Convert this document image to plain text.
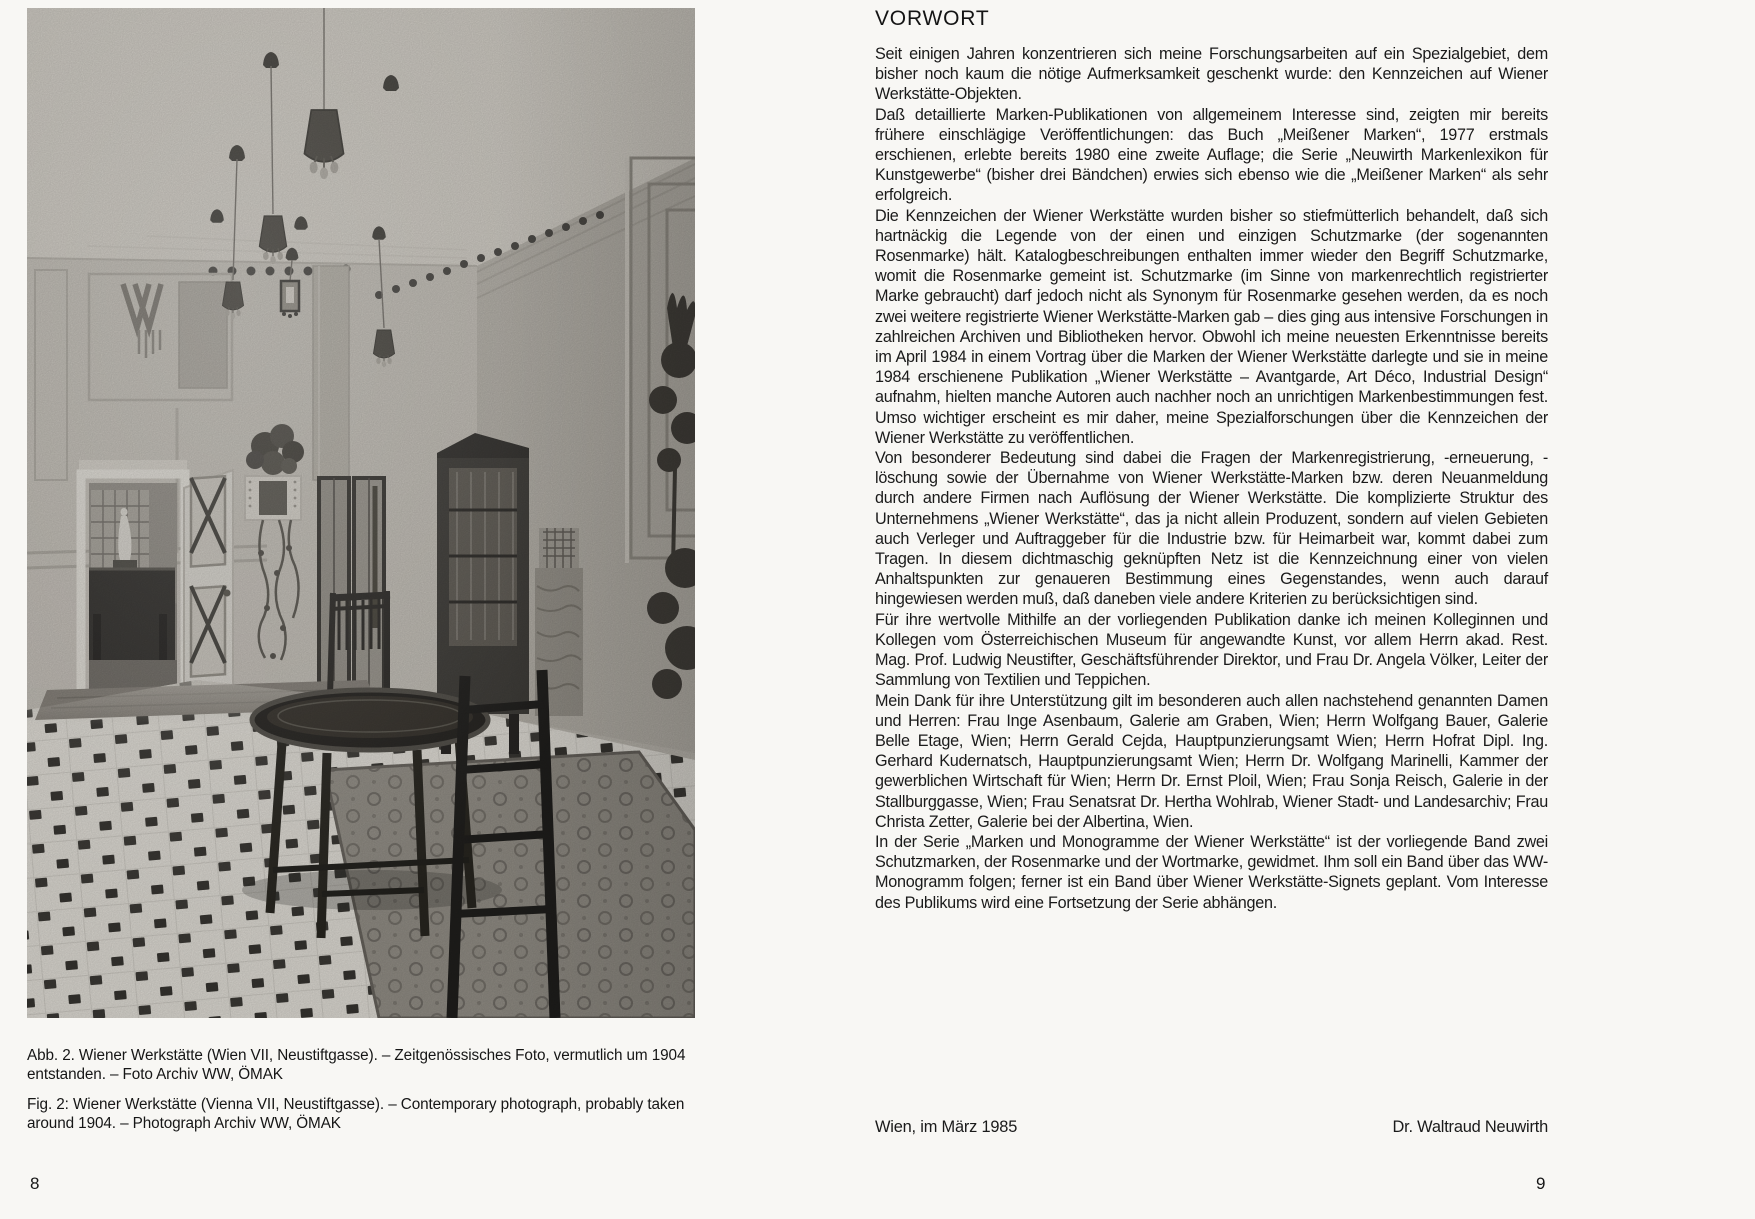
Abb. 2. Wiener Werkstätte (Wien VII, Neustiftgasse). – Zeitgenössisches Foto, vermutlich um 1904 entstanden. – Foto Archiv WW, ÖMAK

Fig. 2: Wiener Werkstätte (Vienna VII, Neustiftgasse). – Contemporary photograph, probably taken around 1904. – Photograph Archiv WW, ÖMAK

VORWORT

Seit einigen Jahren konzentrieren sich meine Forschungsarbeiten auf ein Spezialgebiet, dem bisher noch kaum die nötige Aufmerksamkeit geschenkt wurde: den Kennzeichen auf Wiener Werkstätte-Objekten.

Daß detaillierte Marken-Publikationen von allgemeinem Interesse sind, zeigten mir bereits frühere einschlägige Veröffentlichungen: das Buch „Meißener Marken“, 1977 erstmals erschienen, erlebte bereits 1980 eine zweite Auflage; die Serie „Neuwirth Markenlexikon für Kunstgewerbe“ (bisher drei Bändchen) erwies sich ebenso wie die „Meißener Marken“ als sehr erfolgreich.

Die Kennzeichen der Wiener Werkstätte wurden bisher so stiefmütterlich behandelt, daß sich hartnäckig die Legende von der einen und einzigen Schutzmarke (der sogenannten Rosenmarke) hält. Katalogbeschreibungen enthalten immer wieder den Begriff Schutzmarke, womit die Rosenmarke gemeint ist. Schutzmarke (im Sinne von markenrechtlich registrierter Marke gebraucht) darf jedoch nicht als Synonym für Rosenmarke gesehen werden, da es noch zwei weitere registrierte Wiener Werkstätte-Marken gab – dies ging aus intensive Forschungen in zahlreichen Archiven und Bibliotheken hervor. Obwohl ich meine neuesten Erkenntnisse bereits im April 1984 in einem Vortrag über die Marken der Wiener Werkstätte darlegte und sie in meine 1984 erschienene Publikation „Wiener Werkstätte – Avantgarde, Art Déco, Industrial Design“ aufnahm, hielten manche Autoren auch nachher noch an unrichtigen Markenbestimmungen fest. Umso wichtiger erscheint es mir daher, meine Spezialforschungen über die Kennzeichen der Wiener Werkstätte zu veröffentlichen.

Von besonderer Bedeutung sind dabei die Fragen der Markenregistrierung, -erneuerung, -löschung sowie der Übernahme von Wiener Werkstätte-Marken bzw. deren Neuanmeldung durch andere Firmen nach Auflösung der Wiener Werkstätte. Die komplizierte Struktur des Unternehmens „Wiener Werkstätte“, das ja nicht allein Produzent, sondern auf vielen Gebieten auch Verleger und Auftraggeber für die Industrie bzw. für Heimarbeit war, kommt dabei zum Tragen. In diesem dichtmaschig geknüpften Netz ist die Kennzeichnung einer von vielen Anhaltspunkten zur genaueren Bestimmung eines Gegenstandes, wenn auch darauf hingewiesen werden muß, daß daneben viele andere Kriterien zu berücksichtigen sind.

Für ihre wertvolle Mithilfe an der vorliegenden Publikation danke ich meinen Kolleginnen und Kollegen vom Österreichischen Museum für angewandte Kunst, vor allem Herrn akad. Rest. Mag. Prof. Ludwig Neustifter, Geschäftsführender Direktor, und Frau Dr. Angela Völker, Leiter der Sammlung von Textilien und Teppichen.

Mein Dank für ihre Unterstützung gilt im besonderen auch allen nachstehend genannten Damen und Herren: Frau Inge Asenbaum, Galerie am Graben, Wien; Herrn Wolfgang Bauer, Galerie Belle Etage, Wien; Herrn Gerald Cejda, Hauptpunzierungsamt Wien; Herrn Hofrat Dipl. Ing. Gerhard Kudernatsch, Hauptpunzierungsamt Wien; Herrn Dr. Wolfgang Marinelli, Kammer der gewerblichen Wirtschaft für Wien; Herrn Dr. Ernst Ploil, Wien; Frau Sonja Reisch, Galerie in der Stallburggasse, Wien; Frau Senatsrat Dr. Hertha Wohlrab, Wiener Stadt- und Landesarchiv; Frau Christa Zetter, Galerie bei der Albertina, Wien.

In der Serie „Marken und Monogramme der Wiener Werkstätte“ ist der vorliegende Band zwei Schutzmarken, der Rosenmarke und der Wortmarke, gewidmet. Ihm soll ein Band über das WW-Monogramm folgen; ferner ist ein Band über Wiener Werkstätte-Signets geplant. Vom Interesse des Publikums wird eine Fortsetzung der Serie abhängen.

Wien, im März 1985	Dr. Waltraud Neuwirth
8	9
